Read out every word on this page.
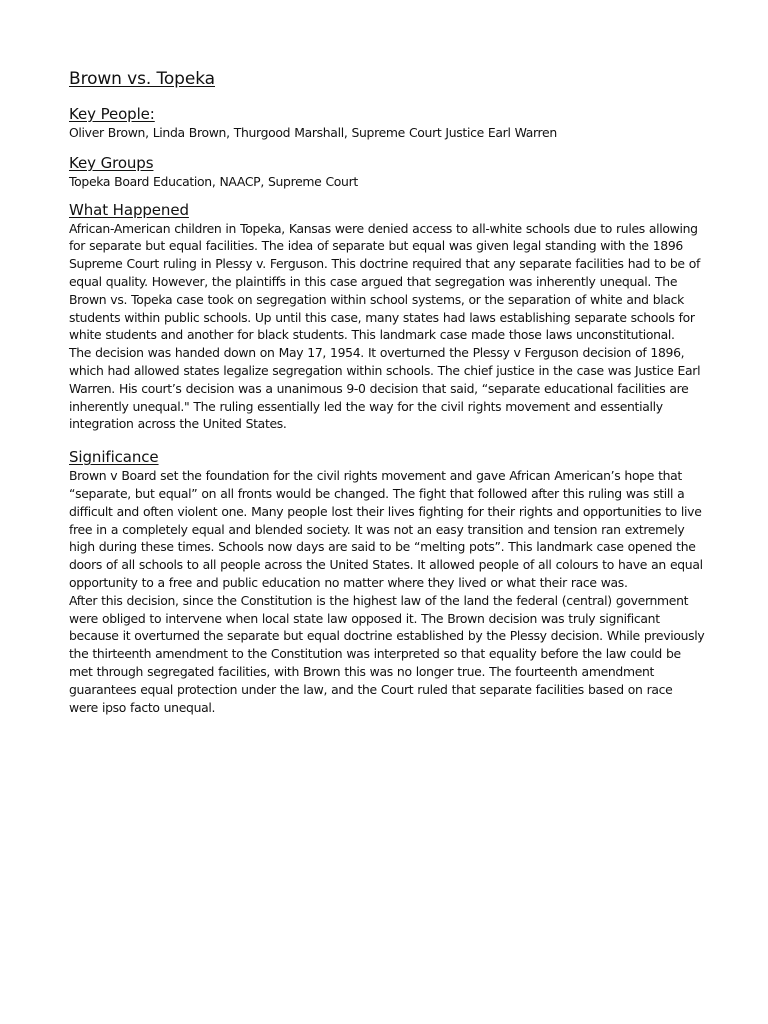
Brown vs. Topeka
Key People:

Oliver Brown, Linda Brown, Thurgood Marshall, Supreme Court Justice Earl Warren

Key Groups

Topeka Board Education, NAACP, Supreme Court

What Happened

African-American children in Topeka, Kansas were denied access to all-white schools due to rules allowing for separate but equal facilities. The idea of separate but equal was given legal standing with the 1896 Supreme Court ruling in Plessy v. Ferguson. This doctrine required that any separate facilities had to be of equal quality. However, the plaintiffs in this case argued that segregation was inherently unequal. The Brown vs. Topeka case took on segregation within school systems, or the separation of white and black students within public schools. Up until this case, many states had laws establishing separate schools for white students and another for black students. This landmark case made those laws unconstitutional.

The decision was handed down on May 17, 1954. It overturned the Plessy v Ferguson decision of 1896, which had allowed states legalize segregation within schools. The chief justice in the case was Justice Earl Warren. His court’s decision was a unanimous 9-0 decision that said, “separate educational facilities are inherently unequal." The ruling essentially led the way for the civil rights movement and essentially integration across the United States.

Significance

Brown v Board set the foundation for the civil rights movement and gave African American’s hope that “separate, but equal” on all fronts would be changed. The fight that followed after this ruling was still a difficult and often violent one. Many people lost their lives fighting for their rights and opportunities to live free in a completely equal and blended society. It was not an easy transition and tension ran extremely high during these times. Schools now days are said to be “melting pots”. This landmark case opened the doors of all schools to all people across the United States. It allowed people of all colours to have an equal opportunity to a free and public education no matter where they lived or what their race was.

After this decision, since the Constitution is the highest law of the land the federal (central) government were obliged to intervene when local state law opposed it. The Brown decision was truly significant because it overturned the separate but equal doctrine established by the Plessy decision. While previously the thirteenth amendment to the Constitution was interpreted so that equality before the law could be met through segregated facilities, with Brown this was no longer true. The fourteenth amendment guarantees equal protection under the law, and the Court ruled that separate facilities based on race were ipso facto unequal.
